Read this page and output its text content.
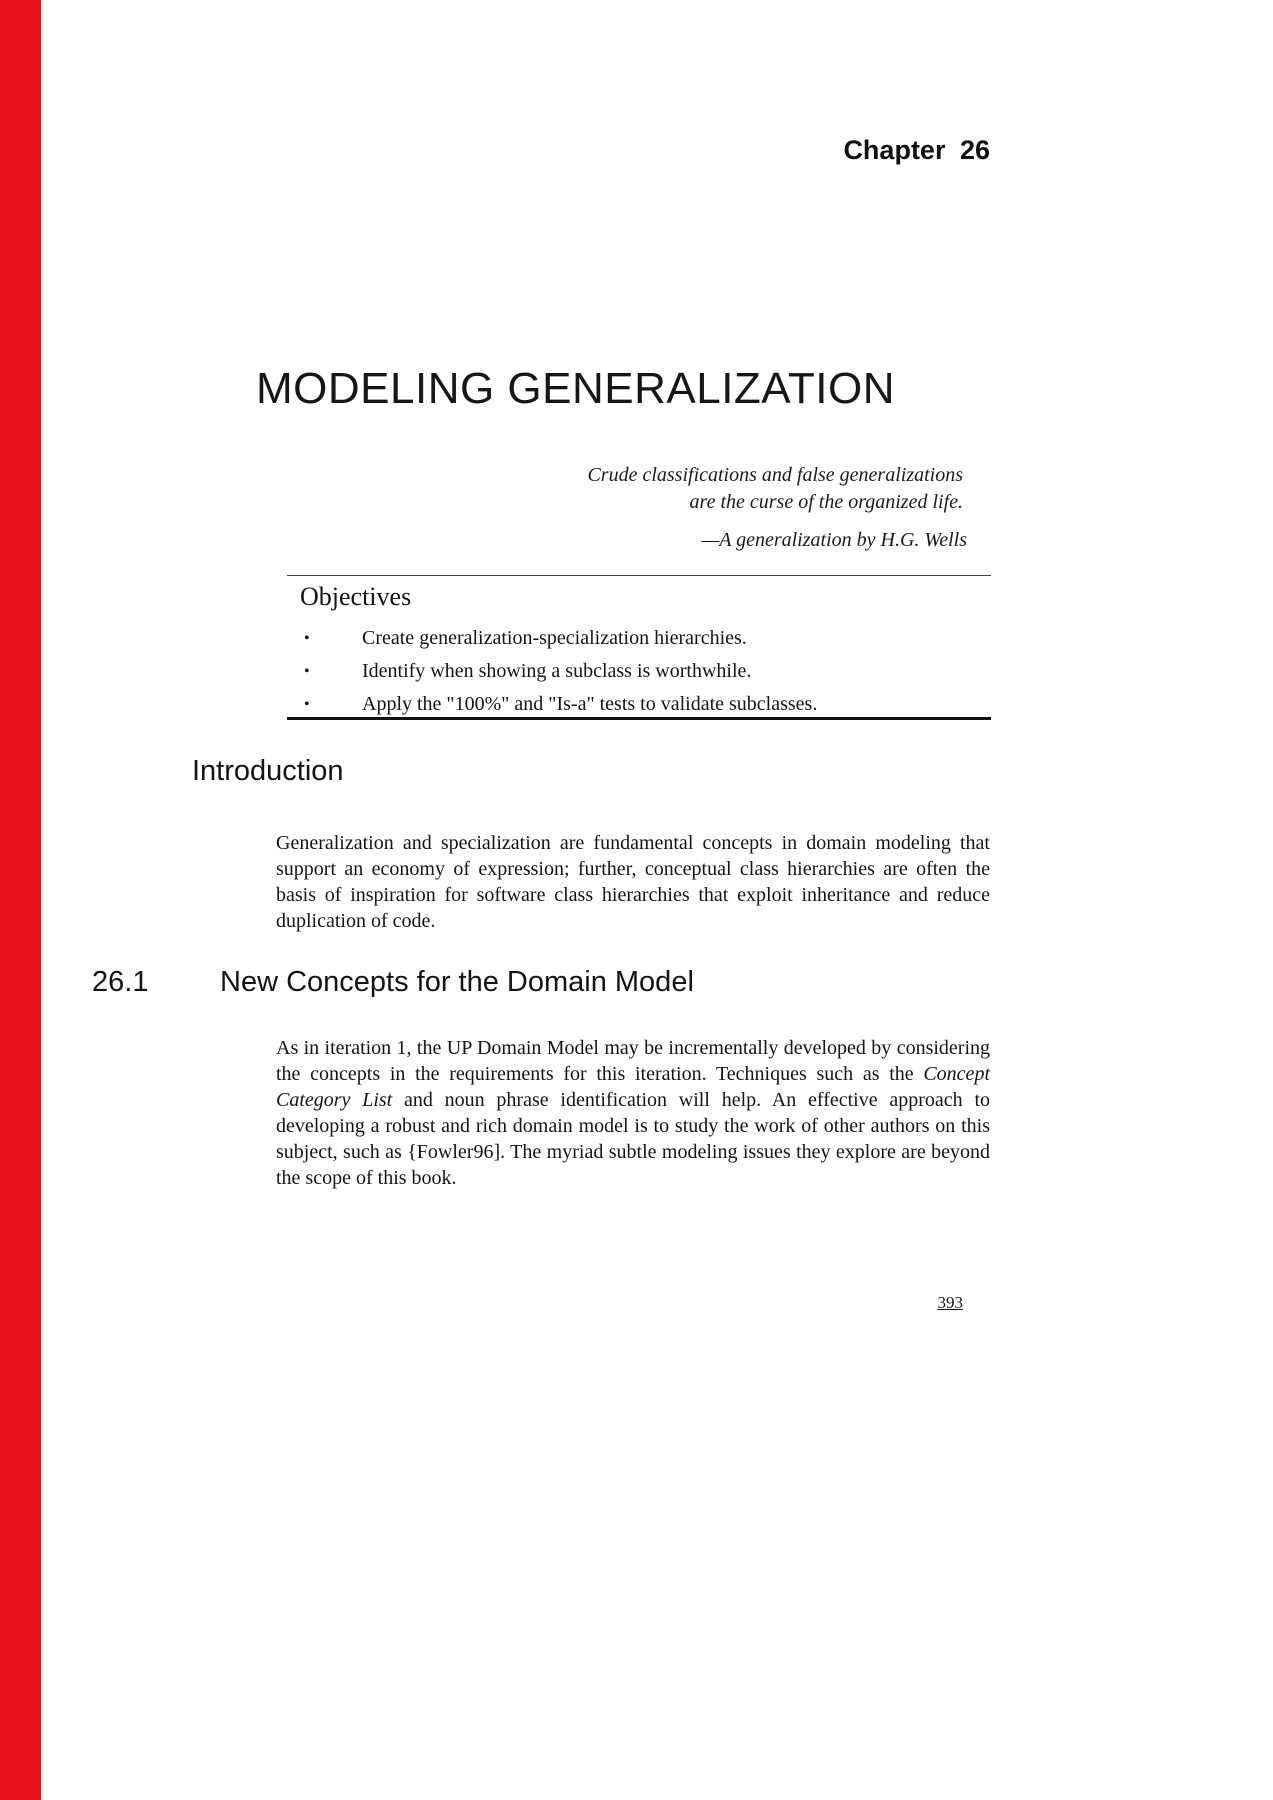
Chapter 26
MODELING GENERALIZATION
Crude classifications and false generalizations
are the curse of the organized life.
—A generalization by H.G. Wells
Objectives
•	Create generalization-specialization hierarchies.
•	Identify when showing a subclass is worthwhile.
•	Apply the "100%" and "Is-a" tests to validate subclasses.
Introduction
Generalization and specialization are fundamental concepts in domain modeling that support an economy of expression; further, conceptual class hierarchies are often the basis of inspiration for software class hierarchies that exploit inheritance and reduce duplication of code.
26.1	New Concepts for the Domain Model
As in iteration 1, the UP Domain Model may be incrementally developed by considering the concepts in the requirements for this iteration. Techniques such as the Concept Category List and noun phrase identification will help. An effective approach to developing a robust and rich domain model is to study the work of other authors on this subject, such as {Fowler96]. The myriad subtle modeling issues they explore are beyond the scope of this book.
393
